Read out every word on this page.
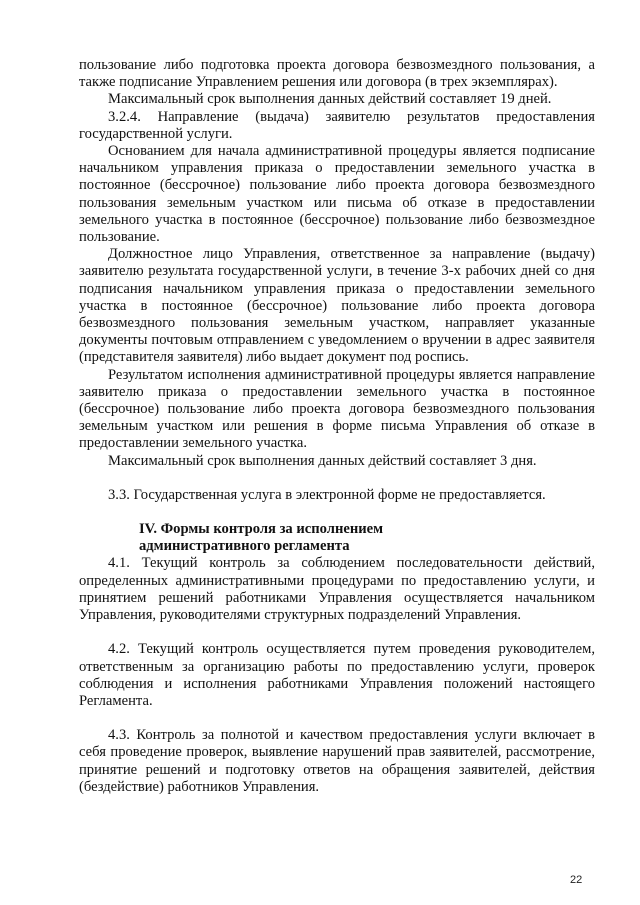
пользование либо подготовка проекта договора безвозмездного пользования, а также подписание Управлением решения или договора (в трех экземплярах).

Максимальный срок выполнения данных действий составляет 19 дней.

3.2.4. Направление (выдача) заявителю результатов предоставления государственной услуги.

Основанием для начала административной процедуры является подписание начальником управления приказа о предоставлении земельного участка в постоянное (бессрочное) пользование либо проекта договора безвозмездного пользования земельным участком или письма об отказе в предоставлении земельного участка в постоянное (бессрочное) пользование либо безвозмездное пользование.

Должностное лицо Управления, ответственное за направление (выдачу) заявителю результата государственной услуги, в течение 3-х рабочих дней со дня подписания начальником управления приказа о предоставлении земельного участка в постоянное (бессрочное) пользование либо проекта договора безвозмездного пользования земельным участком, направляет указанные документы почтовым отправлением с уведомлением о вручении в адрес заявителя (представителя заявителя) либо выдает документ под роспись.

Результатом исполнения административной процедуры является направление заявителю приказа о предоставлении земельного участка в постоянное (бессрочное) пользование либо проекта договора безвозмездного пользования земельным участком или решения в форме письма Управления об отказе в предоставлении земельного участка.

Максимальный срок выполнения данных действий составляет 3 дня.

3.3. Государственная услуга в электронной форме не предоставляется.

IV. Формы контроля за исполнением
административного регламента

4.1. Текущий контроль за соблюдением последовательности действий, определенных административными процедурами по предоставлению услуги, и принятием решений работниками Управления осуществляется начальником Управления, руководителями структурных подразделений Управления.

4.2. Текущий контроль осуществляется путем проведения руководителем, ответственным за организацию работы по предоставлению услуги, проверок соблюдения и исполнения работниками Управления положений настоящего Регламента.

4.3. Контроль за полнотой и качеством предоставления услуги включает в себя проведение проверок, выявление нарушений прав заявителей, рассмотрение, принятие решений и подготовку ответов на обращения заявителей, действия (бездействие) работников Управления.

22
